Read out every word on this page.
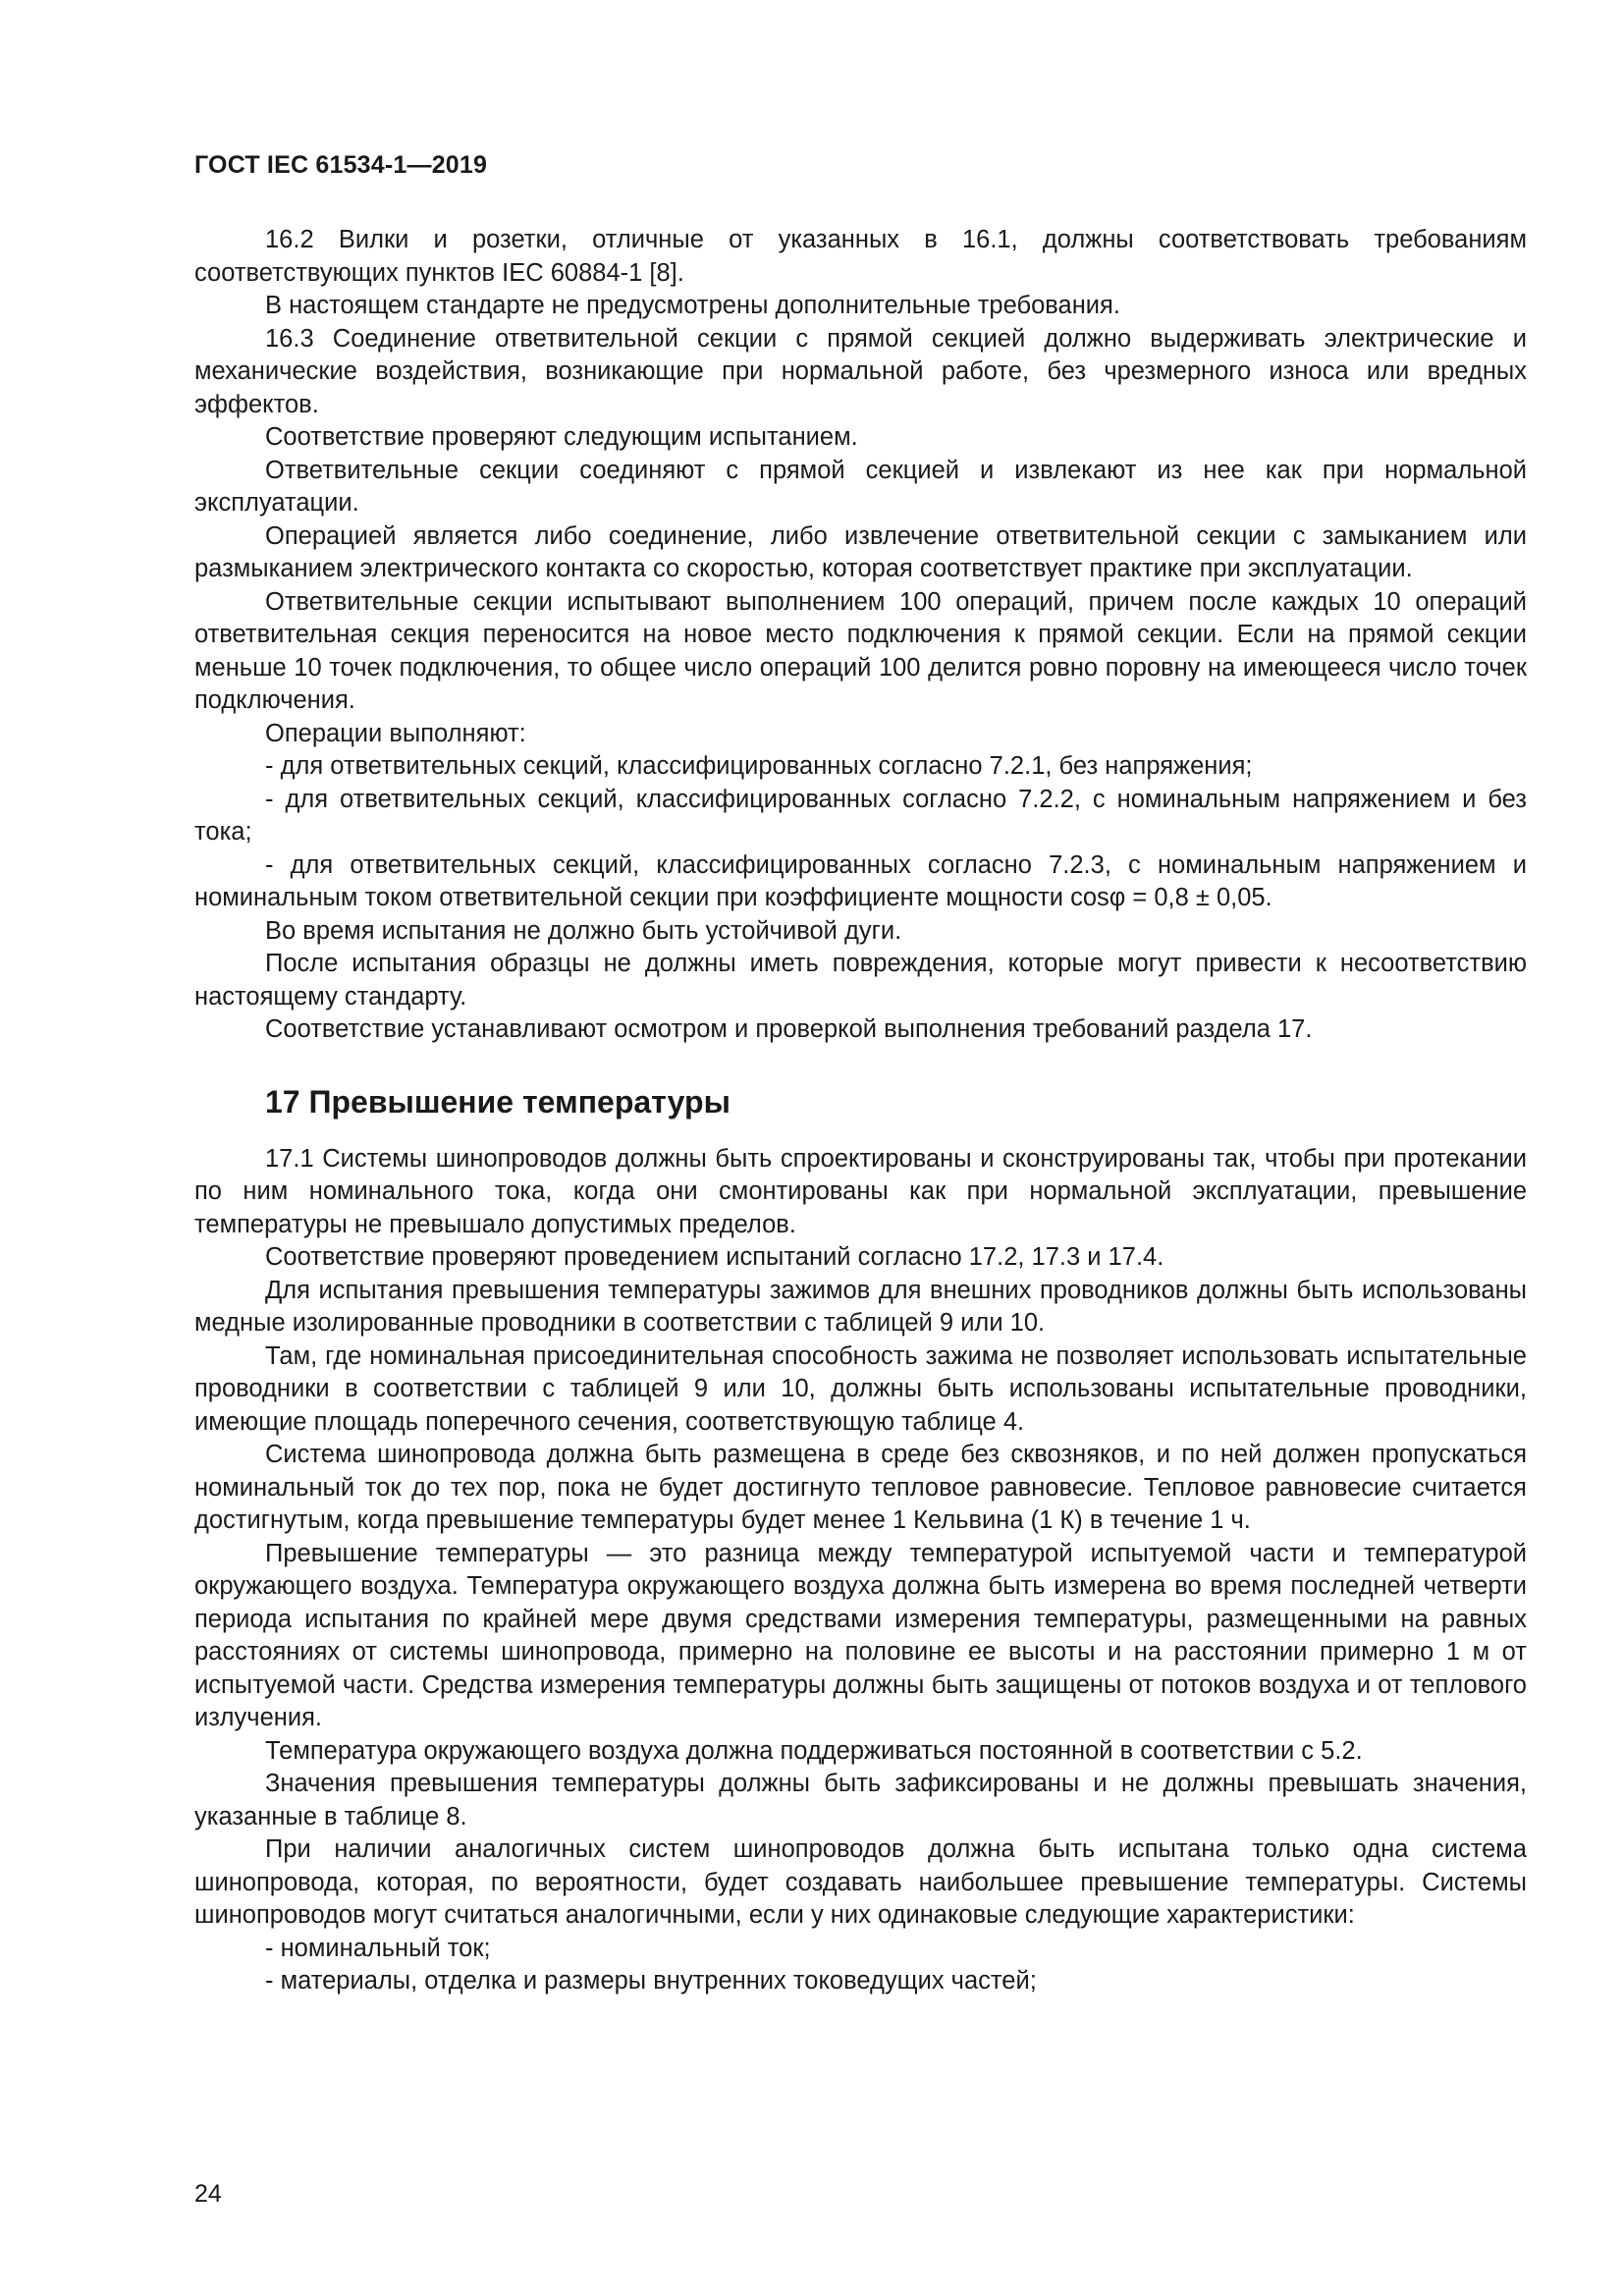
ГОСТ IEC 61534-1—2019

16.2 Вилки и розетки, отличные от указанных в 16.1, должны соответствовать требованиям соответствующих пунктов IEC 60884-1 [8].

В настоящем стандарте не предусмотрены дополнительные требования.

16.3 Соединение ответвительной секции с прямой секцией должно выдерживать электрические и механические воздействия, возникающие при нормальной работе, без чрезмерного износа или вредных эффектов.

Соответствие проверяют следующим испытанием.

Ответвительные секции соединяют с прямой секцией и извлекают из нее как при нормальной эксплуатации.

Операцией является либо соединение, либо извлечение ответвительной секции с замыканием или размыканием электрического контакта со скоростью, которая соответствует практике при эксплуатации.

Ответвительные секции испытывают выполнением 100 операций, причем после каждых 10 операций ответвительная секция переносится на новое место подключения к прямой секции. Если на прямой секции меньше 10 точек подключения, то общее число операций 100 делится ровно поровну на имеющееся число точек подключения.

Операции выполняют:

- для ответвительных секций, классифицированных согласно 7.2.1, без напряжения;

- для ответвительных секций, классифицированных согласно 7.2.2, с номинальным напряжением и без тока;

- для ответвительных секций, классифицированных согласно 7.2.3, с номинальным напряжением и номинальным током ответвительной секции при коэффициенте мощности cosφ = 0,8 ± 0,05.

Во время испытания не должно быть устойчивой дуги.

После испытания образцы не должны иметь повреждения, которые могут привести к несоответствию настоящему стандарту.

Соответствие устанавливают осмотром и проверкой выполнения требований раздела 17.

17 Превышение температуры

17.1 Системы шинопроводов должны быть спроектированы и сконструированы так, чтобы при протекании по ним номинального тока, когда они смонтированы как при нормальной эксплуатации, превышение температуры не превышало допустимых пределов.

Соответствие проверяют проведением испытаний согласно 17.2, 17.3 и 17.4.

Для испытания превышения температуры зажимов для внешних проводников должны быть использованы медные изолированные проводники в соответствии с таблицей 9 или 10.

Там, где номинальная присоединительная способность зажима не позволяет использовать испытательные проводники в соответствии с таблицей 9 или 10, должны быть использованы испытательные проводники, имеющие площадь поперечного сечения, соответствующую таблице 4.

Система шинопровода должна быть размещена в среде без сквозняков, и по ней должен пропускаться номинальный ток до тех пор, пока не будет достигнуто тепловое равновесие. Тепловое равновесие считается достигнутым, когда превышение температуры будет менее 1 Кельвина (1 К) в течение 1 ч.

Превышение температуры — это разница между температурой испытуемой части и температурой окружающего воздуха. Температура окружающего воздуха должна быть измерена во время последней четверти периода испытания по крайней мере двумя средствами измерения температуры, размещенными на равных расстояниях от системы шинопровода, примерно на половине ее высоты и на расстоянии примерно 1 м от испытуемой части. Средства измерения температуры должны быть защищены от потоков воздуха и от теплового излучения.

Температура окружающего воздуха должна поддерживаться постоянной в соответствии с 5.2.

Значения превышения температуры должны быть зафиксированы и не должны превышать значения, указанные в таблице 8.

При наличии аналогичных систем шинопроводов должна быть испытана только одна система шинопровода, которая, по вероятности, будет создавать наибольшее превышение температуры. Системы шинопроводов могут считаться аналогичными, если у них одинаковые следующие характеристики:

- номинальный ток;

- материалы, отделка и размеры внутренних токоведущих частей;

24
